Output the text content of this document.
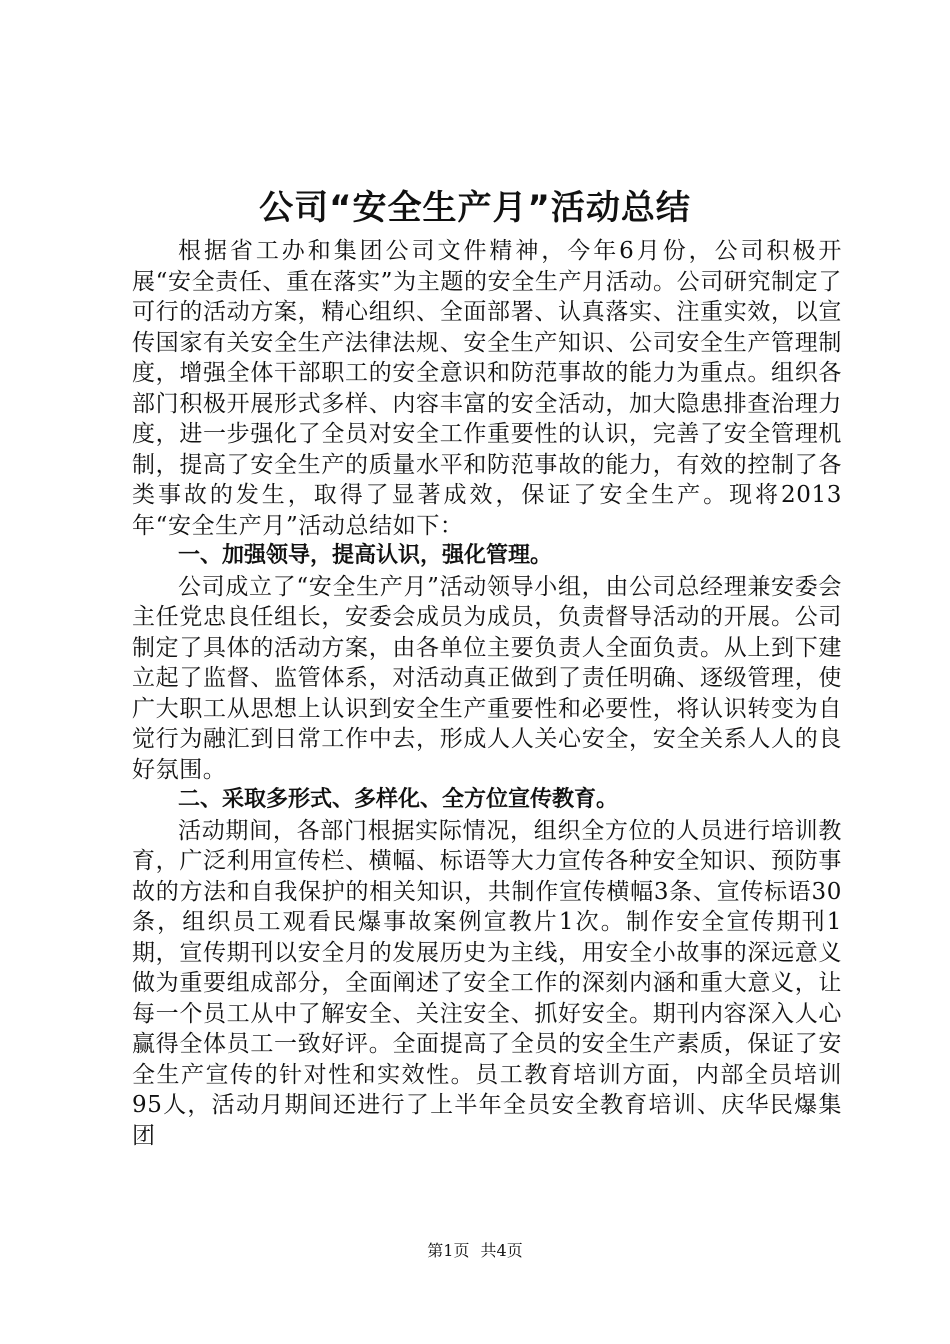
公司“安全生产月”活动总结

根据省工办和集团公司文件精神，今年6月份，公司积极开展“安全责任、重在落实”为主题的安全生产月活动。公司研究制定了可行的活动方案，精心组织、全面部署、认真落实、注重实效，以宣传国家有关安全生产法律法规、安全生产知识、公司安全生产管理制度，增强全体干部职工的安全意识和防范事故的能力为重点。组织各部门积极开展形式多样、内容丰富的安全活动，加大隐患排查治理力度，进一步强化了全员对安全工作重要性的认识，完善了安全管理机制，提高了安全生产的质量水平和防范事故的能力，有效的控制了各类事故的发生，取得了显著成效，保证了安全生产。现将2013年“安全生产月”活动总结如下：

一、加强领导，提高认识，强化管理。

公司成立了“安全生产月”活动领导小组，由公司总经理兼安委会主任党忠良任组长，安委会成员为成员，负责督导活动的开展。公司制定了具体的活动方案，由各单位主要负责人全面负责。从上到下建立起了监督、监管体系，对活动真正做到了责任明确、逐级管理，使广大职工从思想上认识到安全生产重要性和必要性，将认识转变为自觉行为融汇到日常工作中去，形成人人关心安全，安全关系人人的良好氛围。

二、采取多形式、多样化、全方位宣传教育。

活动期间，各部门根据实际情况，组织全方位的人员进行培训教育，广泛利用宣传栏、横幅、标语等大力宣传各种安全知识、预防事故的方法和自我保护的相关知识，共制作宣传横幅3条、宣传标语30条，组织员工观看民爆事故案例宣教片1次。制作安全宣传期刊1期，宣传期刊以安全月的发展历史为主线，用安全小故事的深远意义做为重要组成部分，全面阐述了安全工作的深刻内涵和重大意义，让每一个员工从中了解安全、关注安全、抓好安全。期刊内容深入人心赢得全体员工一致好评。全面提高了全员的安全生产素质，保证了安全生产宣传的针对性和实效性。员工教育培训方面，内部全员培训95人，活动月期间还进行了上半年全员安全教育培训、庆华民爆集团

第1页 共4页
